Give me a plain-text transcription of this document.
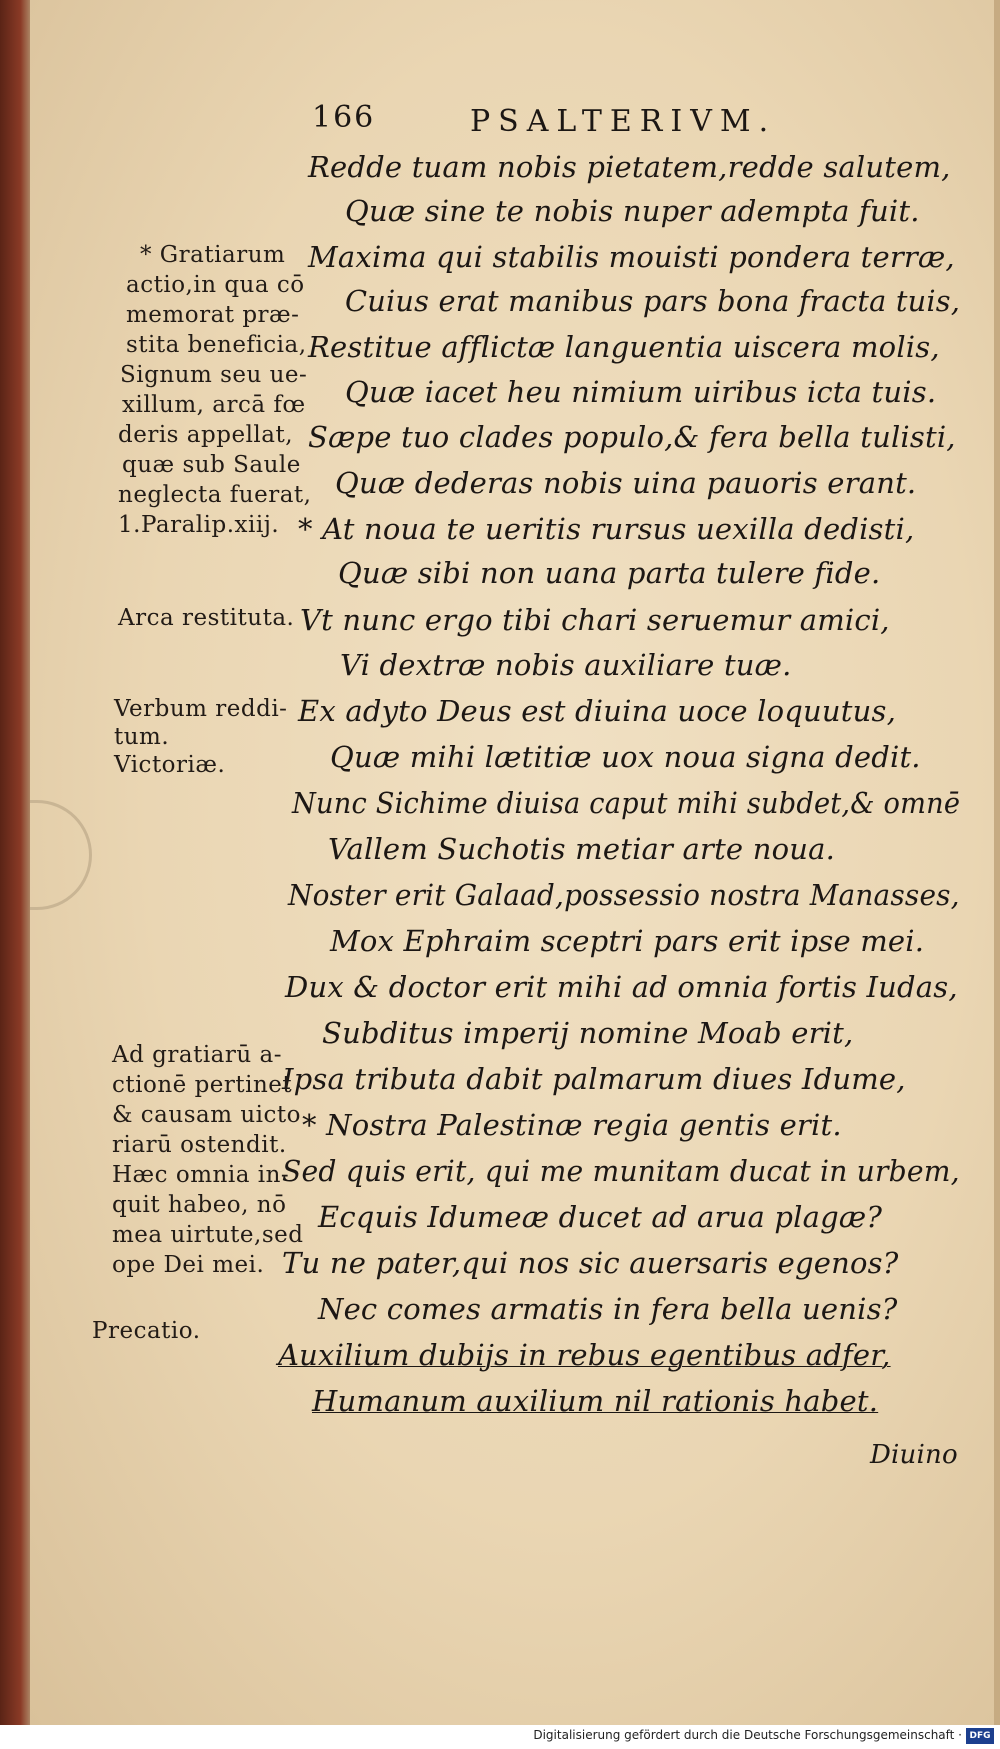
166	PSALTERIVM.
Redde tuam nobis pietatem,redde salutem,
Quæ sine te nobis nuper adempta fuit.
Maxima qui stabilis mouisti pondera terræ,
Cuius erat manibus pars bona fracta tuis,
Restitue afflictæ languentia uiscera molis,
Quæ iacet heu nimium uiribus icta tuis.
Sæpe tuo clades populo,& fera bella tulisti,
Quæ dederas nobis uina pauoris erant.
* At noua te ueritis rursus uexilla dedisti,
Quæ sibi non uana parta tulere fide.
Vt nunc ergo tibi chari seruemur amici,
Vi dextræ nobis auxiliare tuæ.
Ex adyto Deus est diuina uoce loquutus,
Quæ mihi lætitiæ uox noua signa dedit.
Nunc Sichime diuisa caput mihi subdet,& omnē
Vallem Suchotis metiar arte noua.
Noster erit Galaad,possessio nostra Manasses,
Mox Ephraim sceptri pars erit ipse mei.
Dux & doctor erit mihi ad omnia fortis Iudas,
Subditus imperij nomine Moab erit,
Ipsa tributa dabit palmarum diues Idume,
* Nostra Palestinæ regia gentis erit.
Sed quis erit, qui me munitam ducat in urbem,
Ecquis Idumeæ ducet ad arua plagæ?
Tu ne pater,qui nos sic auersaris egenos?
Nec comes armatis in fera bella uenis?
Auxilium dubijs in rebus egentibus adfer,
Humanum auxilium nil rationis habet.
Diuino
* Gratiarum
actio,in qua cō
memorat præ-
stita beneficia,
Signum seu ue-
xillum, arcā fœ
deris appellat,
quæ sub Saule
neglecta fuerat,
1.Paralip.xiij.
Arca restituta.
Verbum reddi-
tum.
Victoriæ.
Ad gratiarū a-
ctionē pertinet
& causam uicto
riarū ostendit.
Hæc omnia in-
quit habeo, nō
mea uirtute,sed
ope Dei mei.
Precatio.
Digitalisierung gefördert durch die Deutsche Forschungsgemeinschaft · DFG
